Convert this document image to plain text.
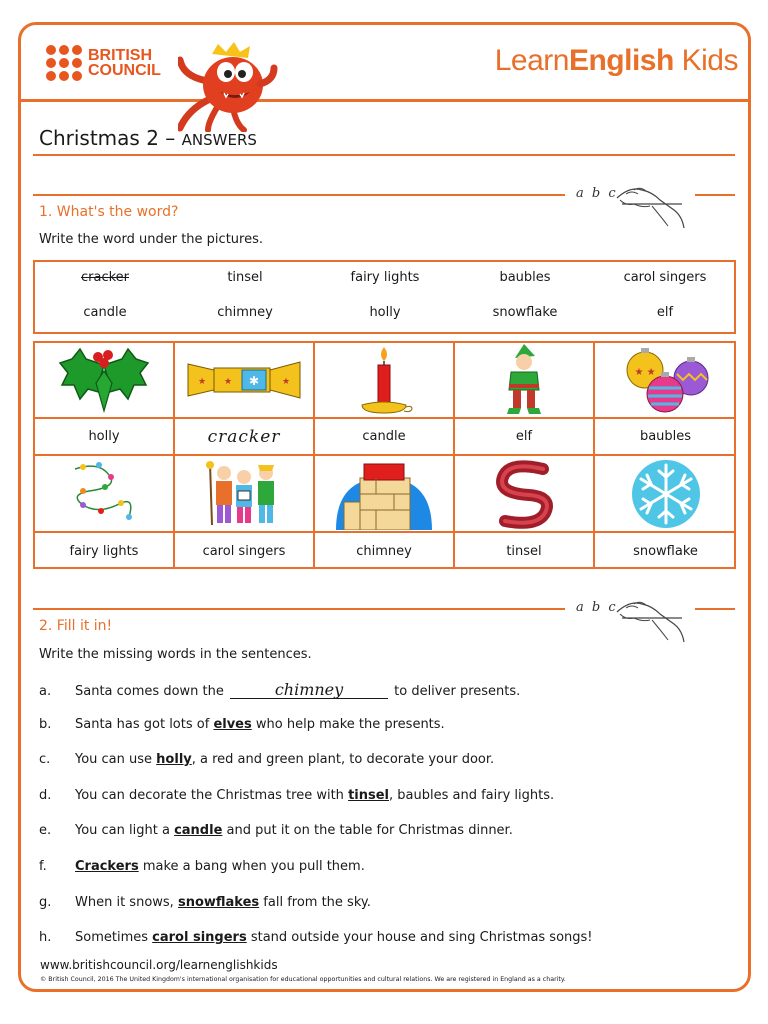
BRITISH
COUNCIL	LearnEnglish Kids
Christmas 2 – ANSWERS
a b c
1. What's the word?
Write the word under the pictures.
cracker	tinsel	fairy lights	baubles	carol singers
candle	chimney	holly	snowflake	elf
✱
★
★	★
★ ★
holly	cracker	candle	elf	baubles
fairy lights	carol singers	chimney	tinsel	snowflake
a b c
2. Fill it in!
Write the missing words in the sentences.
a. Santa comes down the	chimney	to deliver presents.
b. Santa has got lots of elves who help make the presents.
c. You can use holly, a red and green plant, to decorate your door.
d. You can decorate the Christmas tree with tinsel, baubles and fairy lights.
e. You can light a candle and put it on the table for Christmas dinner.
f. Crackers make a bang when you pull them.
g. When it snows, snowflakes fall from the sky.
h. Sometimes carol singers stand outside your house and sing Christmas songs!
www.britishcouncil.org/learnenglishkids
© British Council, 2016 The United Kingdom's international organisation for educational opportunities and cultural relations. We are registered in England as a charity.
